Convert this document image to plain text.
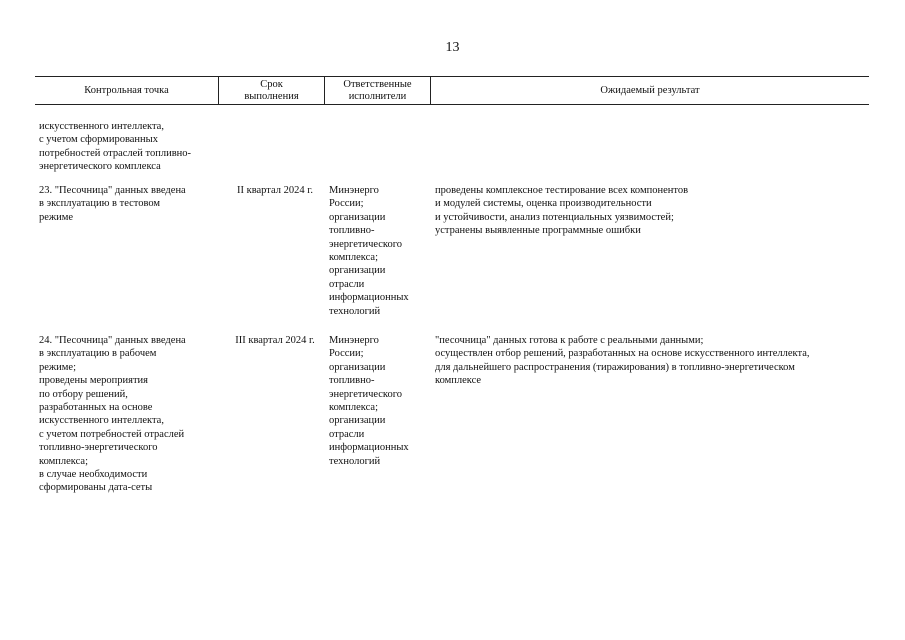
13
Контрольная точка
Срок
выполнения
Ответственные
исполнители
Ожидаемый результат
искусственного интеллекта,
с учетом сформированных
потребностей отраслей топливно-
энергетического комплекса
23. "Песочница" данных введена
в эксплуатацию в тестовом
режиме
II квартал 2024 г.	Минэнерго
России;
организации
топливно-
энергетического
комплекса;
организации
отрасли
информационных
технологий
проведены комплексное тестирование всех компонентов
и модулей системы, оценка производительности
и устойчивости, анализ потенциальных уязвимостей;
устранены выявленные программные ошибки
24. "Песочница" данных введена
в эксплуатацию в рабочем
режиме;
проведены мероприятия
по отбору решений,
разработанных на основе
искусственного интеллекта,
с учетом потребностей отраслей
топливно-энергетического
комплекса;
в случае необходимости
сформированы дата-сеты
III квартал 2024 г.	Минэнерго
России;
организации
топливно-
энергетического
комплекса;
организации
отрасли
информационных
технологий
"песочница" данных готова к работе с реальными данными;
осуществлен отбор решений, разработанных на основе искусственного интеллекта,
для дальнейшего распространения (тиражирования) в топливно-энергетическом
комплексе
